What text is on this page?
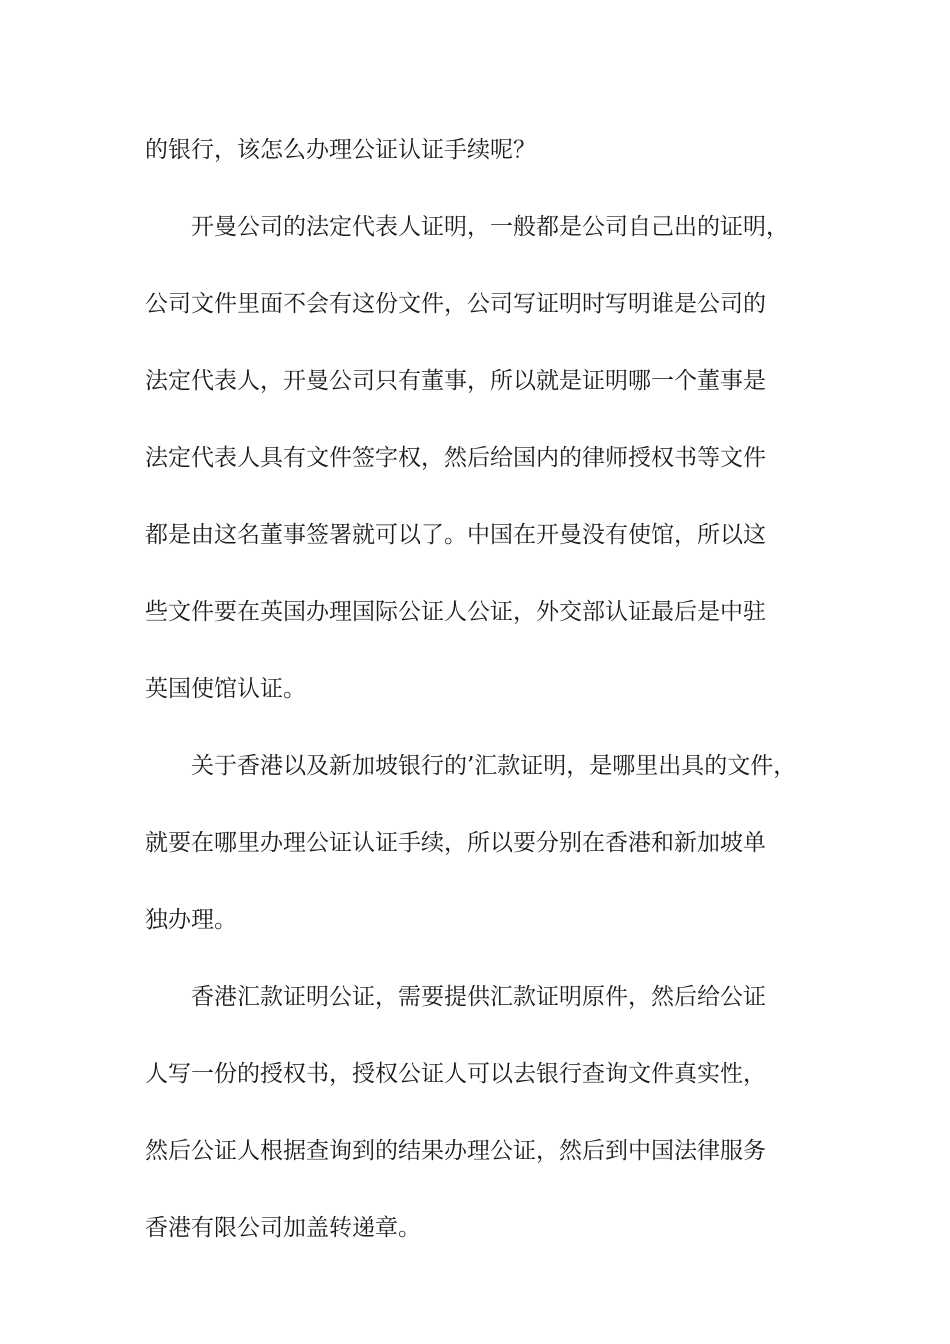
的银行，该怎么办理公证认证手续呢？

开曼公司的法定代表人证明，一般都是公司自己出的证明，

公司文件里面不会有这份文件，公司写证明时写明谁是公司的

法定代表人，开曼公司只有董事，所以就是证明哪一个董事是

法定代表人具有文件签字权，然后给国内的律师授权书等文件

都是由这名董事签署就可以了。中国在开曼没有使馆，所以这

些文件要在英国办理国际公证人公证，外交部认证最后是中驻

英国使馆认证。

关于香港以及新加坡银行的’汇款证明，是哪里出具的文件，

就要在哪里办理公证认证手续，所以要分别在香港和新加坡单

独办理。

香港汇款证明公证，需要提供汇款证明原件，然后给公证

人写一份的授权书，授权公证人可以去银行查询文件真实性，

然后公证人根据查询到的结果办理公证，然后到中国法律服务

香港有限公司加盖转递章。
